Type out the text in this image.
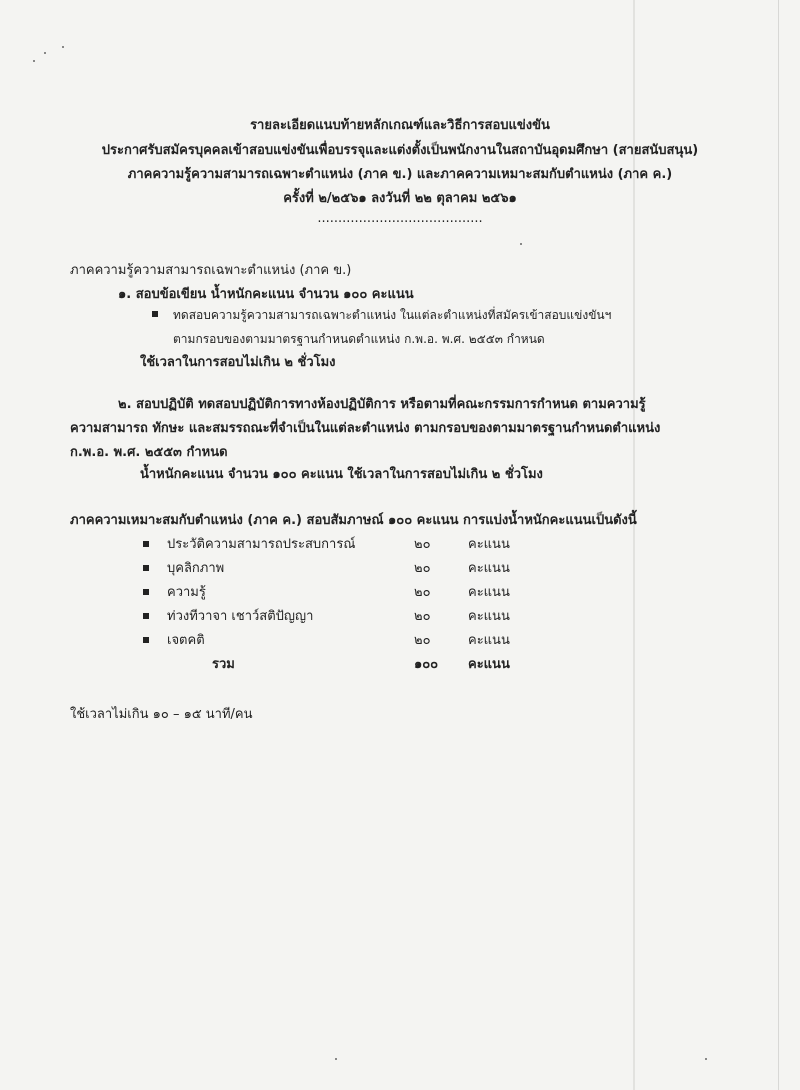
รายละเอียดแนบท้ายหลักเกณฑ์และวิธีการสอบแข่งขัน
ประกาศรับสมัครบุคคลเข้าสอบแข่งขันเพื่อบรรจุและแต่งตั้งเป็นพนักงานในสถาบันอุดมศึกษา (สายสนับสนุน)
ภาคความรู้ความสามารถเฉพาะตำแหน่ง (ภาค ข.) และภาคความเหมาะสมกับตำแหน่ง (ภาค ค.)
ครั้งที่ ๒/๒๕๖๑ ลงวันที่ ๒๒ ตุลาคม ๒๕๖๑
........................................
ภาคความรู้ความสามารถเฉพาะตำแหน่ง (ภาค ข.)
๑. สอบข้อเขียน น้ำหนักคะแนน จำนวน ๑๐๐ คะแนน
ทดสอบความรู้ความสามารถเฉพาะตำแหน่ง ในแต่ละตำแหน่งที่สมัครเข้าสอบแข่งขันฯ
ตามกรอบของตามมาตรฐานกำหนดตำแหน่ง ก.พ.อ. พ.ศ. ๒๕๕๓ กำหนด
ใช้เวลาในการสอบไม่เกิน ๒ ชั่วโมง
๒. สอบปฏิบัติ ทดสอบปฏิบัติการทางห้องปฏิบัติการ หรือตามที่คณะกรรมการกำหนด ตามความรู้
ความสามารถ ทักษะ และสมรรถณะที่จำเป็นในแต่ละตำแหน่ง ตามกรอบของตามมาตรฐานกำหนดตำแหน่ง
ก.พ.อ. พ.ศ. ๒๕๕๓ กำหนด
น้ำหนักคะแนน จำนวน ๑๐๐ คะแนน ใช้เวลาในการสอบไม่เกิน ๒ ชั่วโมง
ภาคความเหมาะสมกับตำแหน่ง (ภาค ค.) สอบสัมภาษณ์ ๑๐๐ คะแนน การแบ่งน้ำหนักคะแนนเป็นดังนี้
ประวัติความสามารถประสบการณ์	๒๐	คะแนน
บุคลิกภาพ	๒๐	คะแนน
ความรู้	๒๐	คะแนน
ท่วงทีวาจา เชาว์สติปัญญา	๒๐	คะแนน
เจตคติ	๒๐	คะแนน
รวม	๑๐๐ คะแนน
ใช้เวลาไม่เกิน ๑๐ – ๑๕ นาที/คน
